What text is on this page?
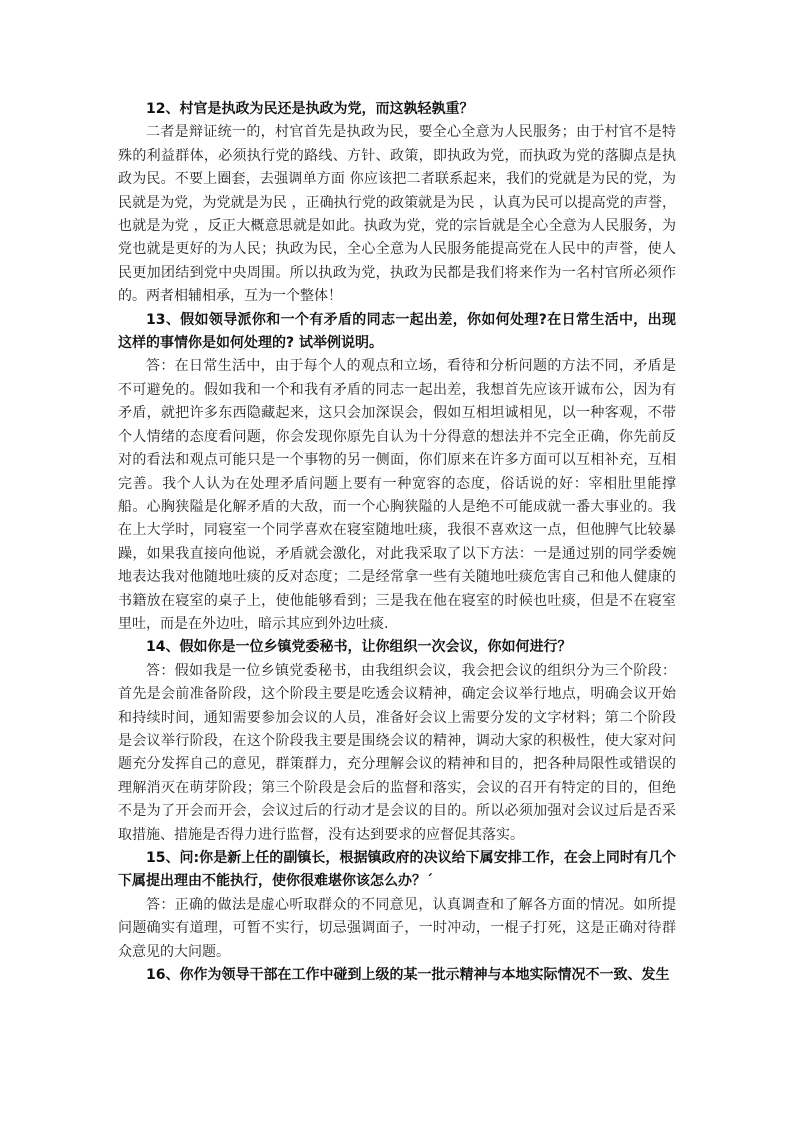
12、村官是执政为民还是执政为党，而这孰轻孰重？

二者是辩证统一的，村官首先是执政为民，要全心全意为人民服务；由于村官不是特殊的利益群体，必须执行党的路线、方针、政策，即执政为党，而执政为党的落脚点是执政为民。不要上圈套，去强调单方面 你应该把二者联系起来，我们的党就是为民的党，为民就是为党，为党就是为民 ，正确执行党的政策就是为民 ，认真为民可以提高党的声誉，也就是为党 ，反正大概意思就是如此。执政为党，党的宗旨就是全心全意为人民服务，为党也就是更好的为人民；执政为民，全心全意为人民服务能提高党在人民中的声誉，使人民更加团结到党中央周围。所以执政为党，执政为民都是我们将来作为一名村官所必须作的。两者相辅相承，互为一个整体！

13、假如领导派你和一个有矛盾的同志一起出差，你如何处理?在日常生活中，出现这样的事情你是如何处理的? 试举例说明。

答：在日常生活中，由于每个人的观点和立场，看待和分析问题的方法不同，矛盾是不可避免的。假如我和一个和我有矛盾的同志一起出差，我想首先应该开诚布公，因为有矛盾，就把许多东西隐藏起来，这只会加深误会，假如互相坦诚相见，以一种客观，不带个人情绪的态度看问题，你会发现你原先自认为十分得意的想法并不完全正确，你先前反对的看法和观点可能只是一个事物的另一侧面，你们原来在许多方面可以互相补充，互相完善。我个人认为在处理矛盾问题上要有一种宽容的态度，俗话说的好：宰相肚里能撑船。心胸狭隘是化解矛盾的大敌，而一个心胸狭隘的人是绝不可能成就一番大事业的。我在上大学时，同寝室一个同学喜欢在寝室随地吐痰，我很不喜欢这一点，但他脾气比较暴躁，如果我直接向他说，矛盾就会激化，对此我采取了以下方法：一是通过别的同学委婉地表达我对他随地吐痰的反对态度；二是经常拿一些有关随地吐痰危害自己和他人健康的书籍放在寝室的桌子上，使他能够看到；三是我在他在寝室的时候也吐痰，但是不在寝室里吐，而是在外边吐，暗示其应到外边吐痰.

14、假如你是一位乡镇党委秘书，让你组织一次会议，你如何进行？

答：假如我是一位乡镇党委秘书，由我组织会议，我会把会议的组织分为三个阶段：首先是会前准备阶段，这个阶段主要是吃透会议精神，确定会议举行地点，明确会议开始和持续时间，通知需要参加会议的人员，准备好会议上需要分发的文字材料；第二个阶段是会议举行阶段，在这个阶段我主要是围绕会议的精神，调动大家的积极性，使大家对问题充分发挥自己的意见，群策群力，充分理解会议的精神和目的，把各种局限性或错误的理解消灭在萌芽阶段；第三个阶段是会后的监督和落实，会议的召开有特定的目的，但绝不是为了开会而开会，会议过后的行动才是会议的目的。所以必须加强对会议过后是否采取措施、措施是否得力进行监督，没有达到要求的应督促其落实。

15、问:你是新上任的副镇长，根据镇政府的决议给下属安排工作，在会上同时有几个下属提出理由不能执行，使你很难堪你该怎么办？ˊ

答：正确的做法是虚心听取群众的不同意见，认真调查和了解各方面的情况。如所提问题确实有道理，可暂不实行，切忌强调面子，一时冲动，一棍子打死，这是正确对待群众意见的大问题。

16、你作为领导干部在工作中碰到上级的某一批示精神与本地实际情况不一致、发生
